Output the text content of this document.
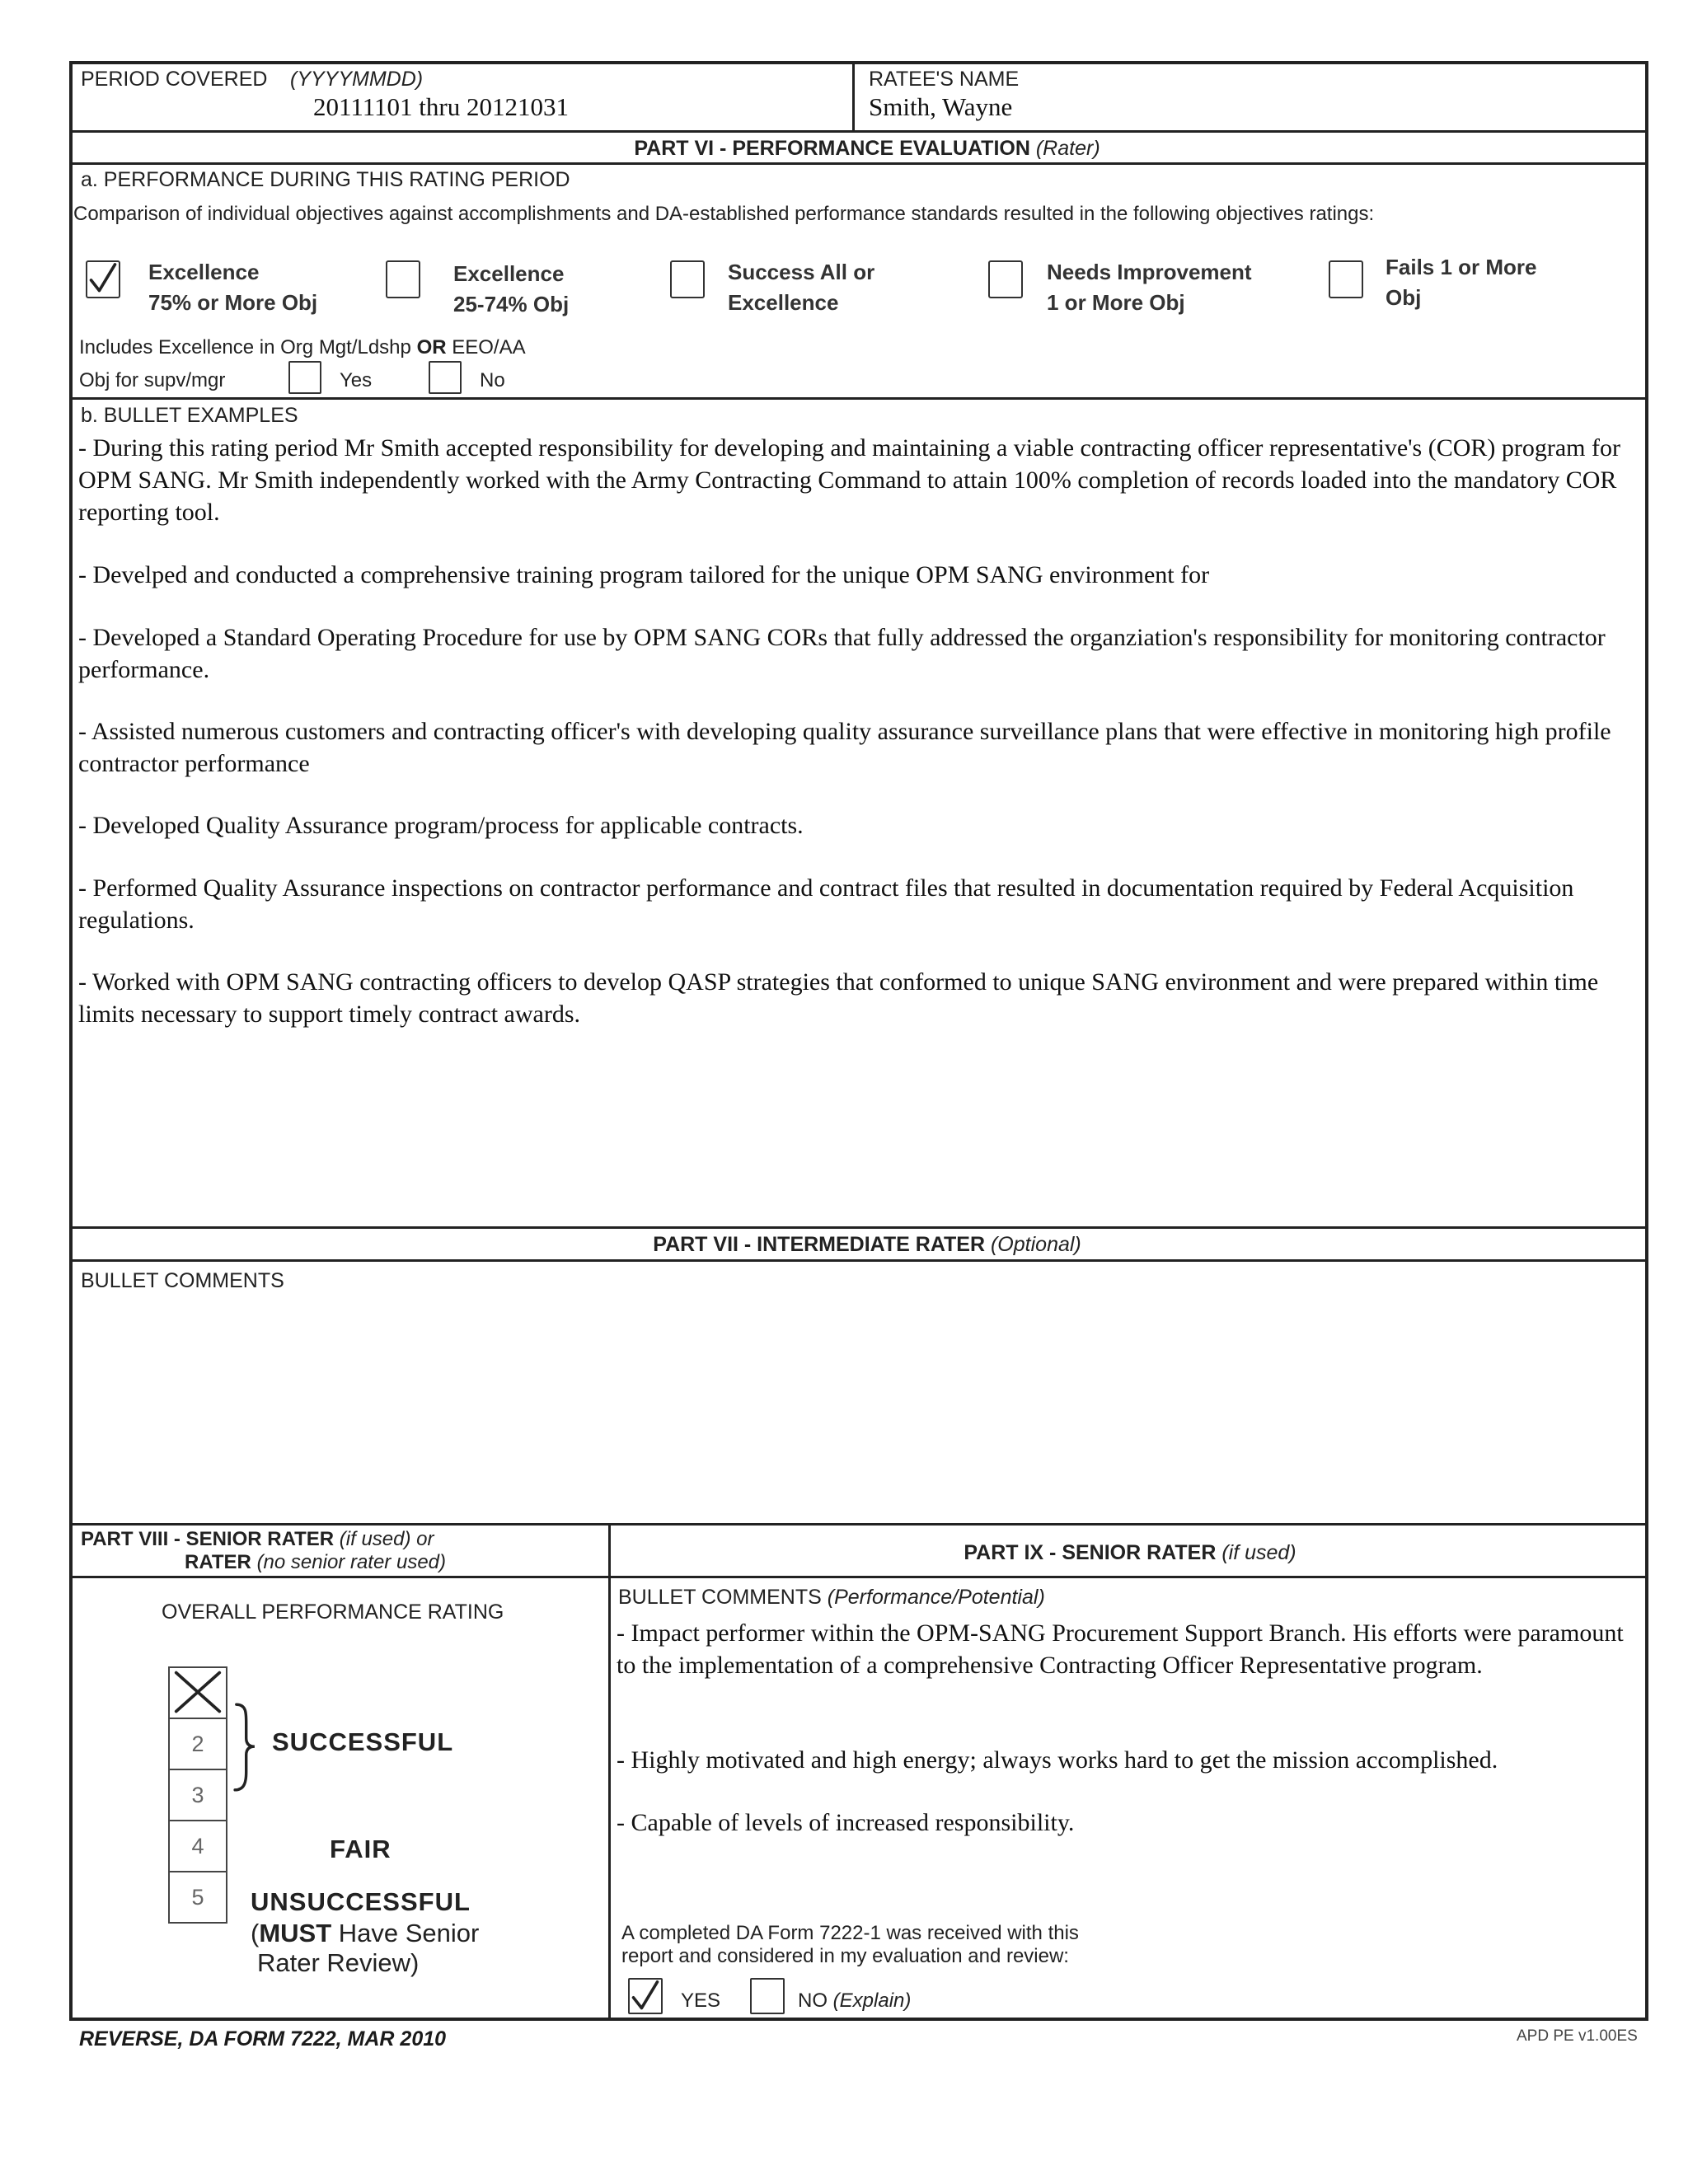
PERIOD COVERED (YYYYMMDD)
20111101 thru 20121031
RATEE'S NAME
Smith, Wayne
PART VI - PERFORMANCE EVALUATION (Rater)
a. PERFORMANCE DURING THIS RATING PERIOD
Comparison of individual objectives against accomplishments and DA-established performance standards resulted in the following objectives ratings:
Excellence
75% or More Obj
Excellence
25-74% Obj
Success All or
Excellence
Needs Improvement
1 or More Obj
Fails 1 or More
Obj
Includes Excellence in Org Mgt/Ldshp OR EEO/AA
Obj for supv/mgr	Yes	No
b. BULLET EXAMPLES
- During this rating period Mr Smith accepted responsibility for developing and maintaining a viable contracting officer representative's (COR) program for OPM SANG. Mr Smith independently worked with the Army Contracting Command to attain 100% completion of records loaded into the mandatory COR reporting tool.
- Develped and conducted a comprehensive training program tailored for the unique OPM SANG environment for
- Developed a Standard Operating Procedure for use by OPM SANG CORs that fully addressed the organziation's responsibility for monitoring contractor performance.
- Assisted numerous customers and contracting officer's with developing quality assurance surveillance plans that were effective in monitoring high profile contractor performance
- Developed Quality Assurance program/process for applicable contracts.
- Performed Quality Assurance inspections on contractor performance and contract files that resulted in documentation required by Federal Acquisition regulations.
- Worked with OPM SANG contracting officers to develop QASP strategies that conformed to unique SANG environment and were prepared within time limits necessary to support timely contract awards.
PART VII - INTERMEDIATE RATER (Optional)
BULLET COMMENTS
PART VIII - SENIOR RATER (if used) or
RATER (no senior rater used)	PART IX - SENIOR RATER (if used)
OVERALL PERFORMANCE RATING
2
3
4
5
SUCCESSFUL
FAIR
UNSUCCESSFUL
(MUST Have Senior
Rater Review)
BULLET COMMENTS (Performance/Potential)
- Impact performer within the OPM-SANG Procurement Support Branch. His efforts were paramount to the implementation of a comprehensive Contracting Officer Representative program.
- Highly motivated and high energy; always works hard to get the mission accomplished.
- Capable of levels of increased responsibility.
A completed DA Form 7222-1 was received with this
report and considered in my evaluation and review:
YES	NO (Explain)
REVERSE, DA FORM 7222, MAR 2010	APD PE v1.00ES
